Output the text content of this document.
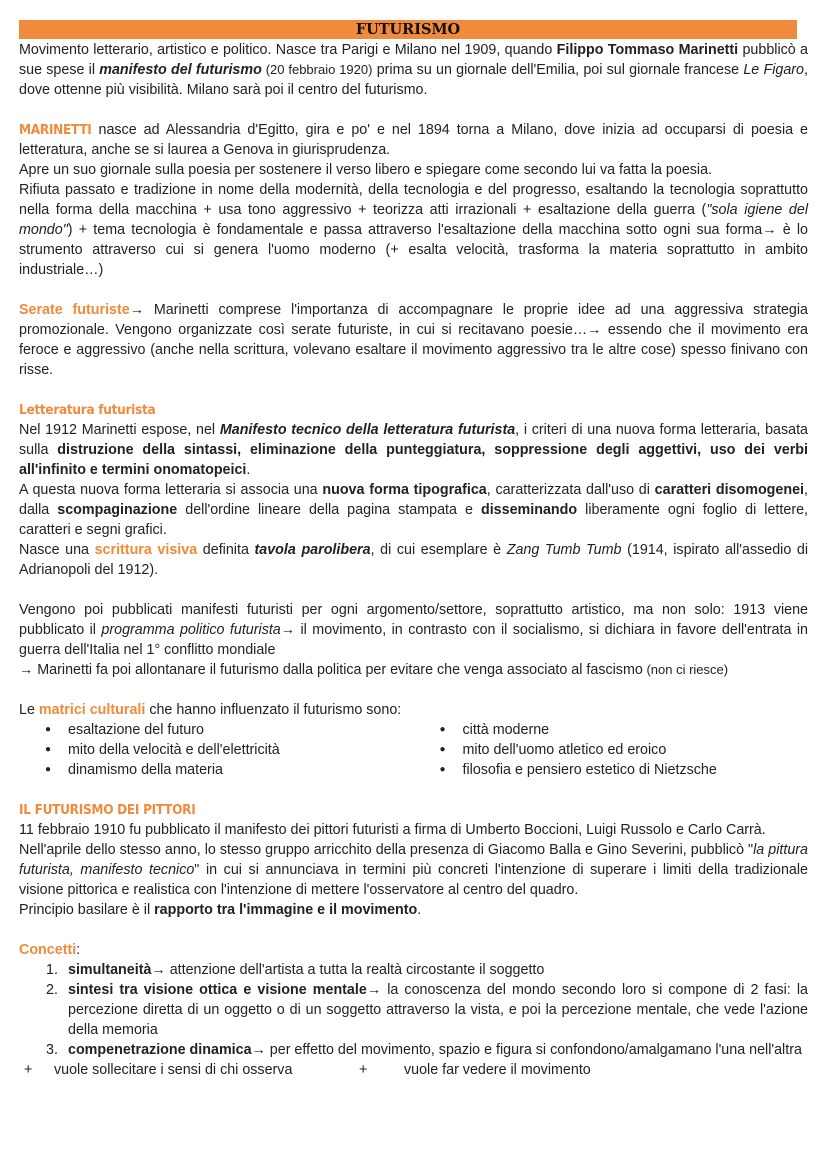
FUTURISMO

Movimento letterario, artistico e politico. Nasce tra Parigi e Milano nel 1909, quando Filippo Tommaso Marinetti pubblicò a sue spese il manifesto del futurismo (20 febbraio 1920) prima su un giornale dell'Emilia, poi sul giornale francese Le Figaro, dove ottenne più visibilità. Milano sarà poi il centro del futurismo.

MARINETTI nasce ad Alessandria d'Egitto, gira e po' e nel 1894 torna a Milano, dove inizia ad occuparsi di poesia e letteratura, anche se si laurea a Genova in giurisprudenza.

Apre un suo giornale sulla poesia per sostenere il verso libero e spiegare come secondo lui va fatta la poesia.

Rifiuta passato e tradizione in nome della modernità, della tecnologia e del progresso, esaltando la tecnologia soprattutto nella forma della macchina + usa tono aggressivo + teorizza atti irrazionali + esaltazione della guerra ("sola igiene del mondo") + tema tecnologia è fondamentale e passa attraverso l'esaltazione della macchina sotto ogni sua forma→ è lo strumento attraverso cui si genera l'uomo moderno (+ esalta velocità, trasforma la materia soprattutto in ambito industriale…)

Serate futuriste→ Marinetti comprese l'importanza di accompagnare le proprie idee ad una aggressiva strategia promozionale. Vengono organizzate così serate futuriste, in cui si recitavano poesie…→ essendo che il movimento era feroce e aggressivo (anche nella scrittura, volevano esaltare il movimento aggressivo tra le altre cose) spesso finivano con risse.

Letteratura futurista

Nel 1912 Marinetti espose, nel Manifesto tecnico della letteratura futurista, i criteri di una nuova forma letteraria, basata sulla distruzione della sintassi, eliminazione della punteggiatura, soppressione degli aggettivi, uso dei verbi all'infinito e termini onomatopeici.

A questa nuova forma letteraria si associa una nuova forma tipografica, caratterizzata dall'uso di caratteri disomogenei, dalla scompaginazione dell'ordine lineare della pagina stampata e disseminando liberamente ogni foglio di lettere, caratteri e segni grafici.

Nasce una scrittura visiva definita tavola parolibera, di cui esemplare è Zang Tumb Tumb (1914, ispirato all'assedio di Adrianopoli del 1912).

Vengono poi pubblicati manifesti futuristi per ogni argomento/settore, soprattutto artistico, ma non solo: 1913 viene pubblicato il programma politico futurista→ il movimento, in contrasto con il socialismo, si dichiara in favore dell'entrata in guerra dell'Italia nel 1° conflitto mondiale

→ Marinetti fa poi allontanare il futurismo dalla politica per evitare che venga associato al fascismo (non ci riesce)

Le matrici culturali che hanno influenzato il futurismo sono:

● esaltazione del futuro
● mito della velocità e dell'elettricità
● dinamismo della materia
● città moderne
● mito dell'uomo atletico ed eroico
● filosofia e pensiero estetico di Nietzsche

IL FUTURISMO DEI PITTORI

11 febbraio 1910 fu pubblicato il manifesto dei pittori futuristi a firma di Umberto Boccioni, Luigi Russolo e Carlo Carrà.

Nell'aprile dello stesso anno, lo stesso gruppo arricchito della presenza di Giacomo Balla e Gino Severini, pubblicò "la pittura futurista, manifesto tecnico" in cui si annunciava in termini più concreti l'intenzione di superare i limiti della tradizionale visione pittorica e realistica con l'intenzione di mettere l'osservatore al centro del quadro.

Principio basilare è il rapporto tra l'immagine e il movimento.

Concetti:

1. simultaneità→ attenzione dell'artista a tutta la realtà circostante il soggetto
2. sintesi tra visione ottica e visione mentale→ la conoscenza del mondo secondo loro si compone di 2 fasi: la percezione diretta di un oggetto o di un soggetto attraverso la vista, e poi la percezione mentale, che vede l'azione della memoria
3. compenetrazione dinamica→ per effetto del movimento, spazio e figura si confondono/amalgamano l'una nell'altra
+	vuole sollecitare i sensi di chi osserva	+	vuole far vedere il movimento
